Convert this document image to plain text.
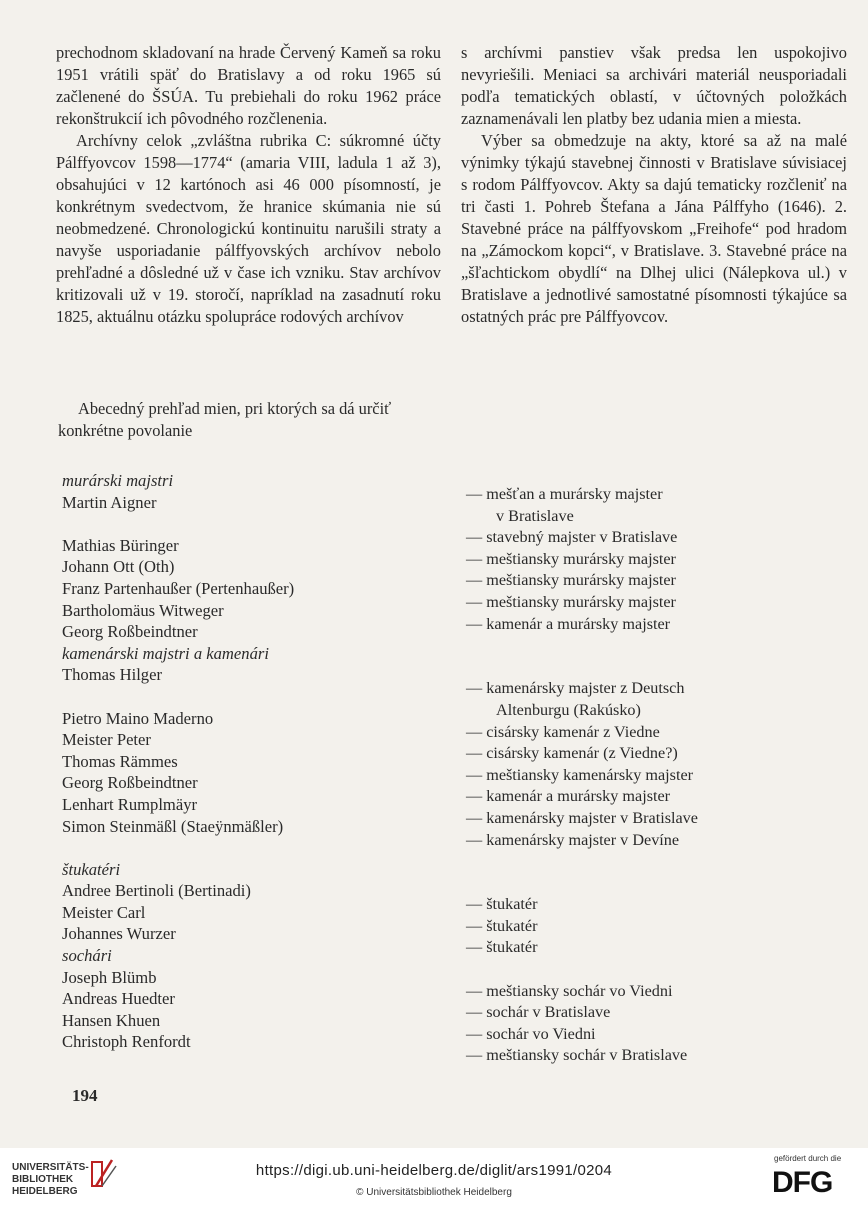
prechodnom skladovaní na hrade Červený Kameň sa roku 1951 vrátili späť do Bratislavy a od roku 1965 sú začlenené do ŠSÚA. Tu prebiehali do roku 1962 práce rekonštrukcií ich pôvodného rozčlenenia.

Archívny celok „zvláštna rubrika C: súkromné účty Pálffyovcov 1598—1774“ (amaria VIII, ladula 1 až 3), obsahujúci v 12 kartónoch asi 46 000 písomností, je konkrétnym svedectvom, že hranice skúmania nie sú neobmedzené. Chronologickú kontinuitu narušili straty a navyše usporiadanie pálffyovských archívov nebolo prehľadné a dôsledné už v čase ich vzniku. Stav archívov kritizovali už v 19. storočí, napríklad na zasadnutí roku 1825, aktuálnu otázku spolupráce rodových archívov

s archívmi panstiev však predsa len uspokojivo nevyriešili. Meniaci sa archivári materiál neusporiadali podľa tematických oblastí, v účtovných položkách zaznamenávali len platby bez udania mien a miesta.

Výber sa obmedzuje na akty, ktoré sa až na malé výnimky týkajú stavebnej činnosti v Bratislave súvisiacej s rodom Pálffyovcov. Akty sa dajú tematicky rozčleniť na tri časti 1. Pohreb Štefana a Jána Pálffyho (1646). 2. Stavebné práce na pálffyovskom „Freihofe“ pod hradom na „Zámockom kopci“, v Bratislave. 3. Stavebné práce na „šľachtickom obydlí“ na Dlhej ulici (Nálepkova ul.) v Bratislave a jednotlivé samostatné písomnosti týkajúce sa ostatných prác pre Pálffyovcov.

Abecedný prehľad mien, pri ktorých sa dá určiť konkrétne povolanie

murárski majstri
Martin Aigner
Mathias Büringer
Johann Ott (Oth)
Franz Partenhaußer (Pertenhaußer)
Bartholomäus Witweger
Georg Roßbeindtner
kamenárski majstri a kamenári
Thomas Hilger
Pietro Maino Maderno
Meister Peter
Thomas Rämmes
Georg Roßbeindtner
Lenhart Rumplmäyr
Simon Steinmäßl (Staeÿnmäßler)
štukatéri
Andree Bertinoli (Bertinadi)
Meister Carl
Johannes Wurzer
sochári
Joseph Blümb
Andreas Huedter
Hansen Khuen
Christoph Renfordt
— mešťan a murársky majster
v Bratislave
— stavebný majster v Bratislave
— meštiansky murársky majster
— meštiansky murársky majster
— meštiansky murársky majster
— kamenár a murársky majster
— kamenársky majster z Deutsch
Altenburgu (Rakúsko)
— cisársky kamenár z Viedne
— cisársky kamenár (z Viedne?)
— meštiansky kamenársky majster
— kamenár a murársky majster
— kamenársky majster v Bratislave
— kamenársky majster v Devíne
— štukatér
— štukatér
— štukatér
— meštiansky sochár vo Viedni
— sochár v Bratislave
— sochár vo Viedni
— meštiansky sochár v Bratislave
194
UNIVERSITÄTS-
BIBLIOTHEK
HEIDELBERG
https://digi.ub.uni-heidelberg.de/diglit/ars1991/0204
© Universitätsbibliothek Heidelberg
gefördert durch die
DFG
